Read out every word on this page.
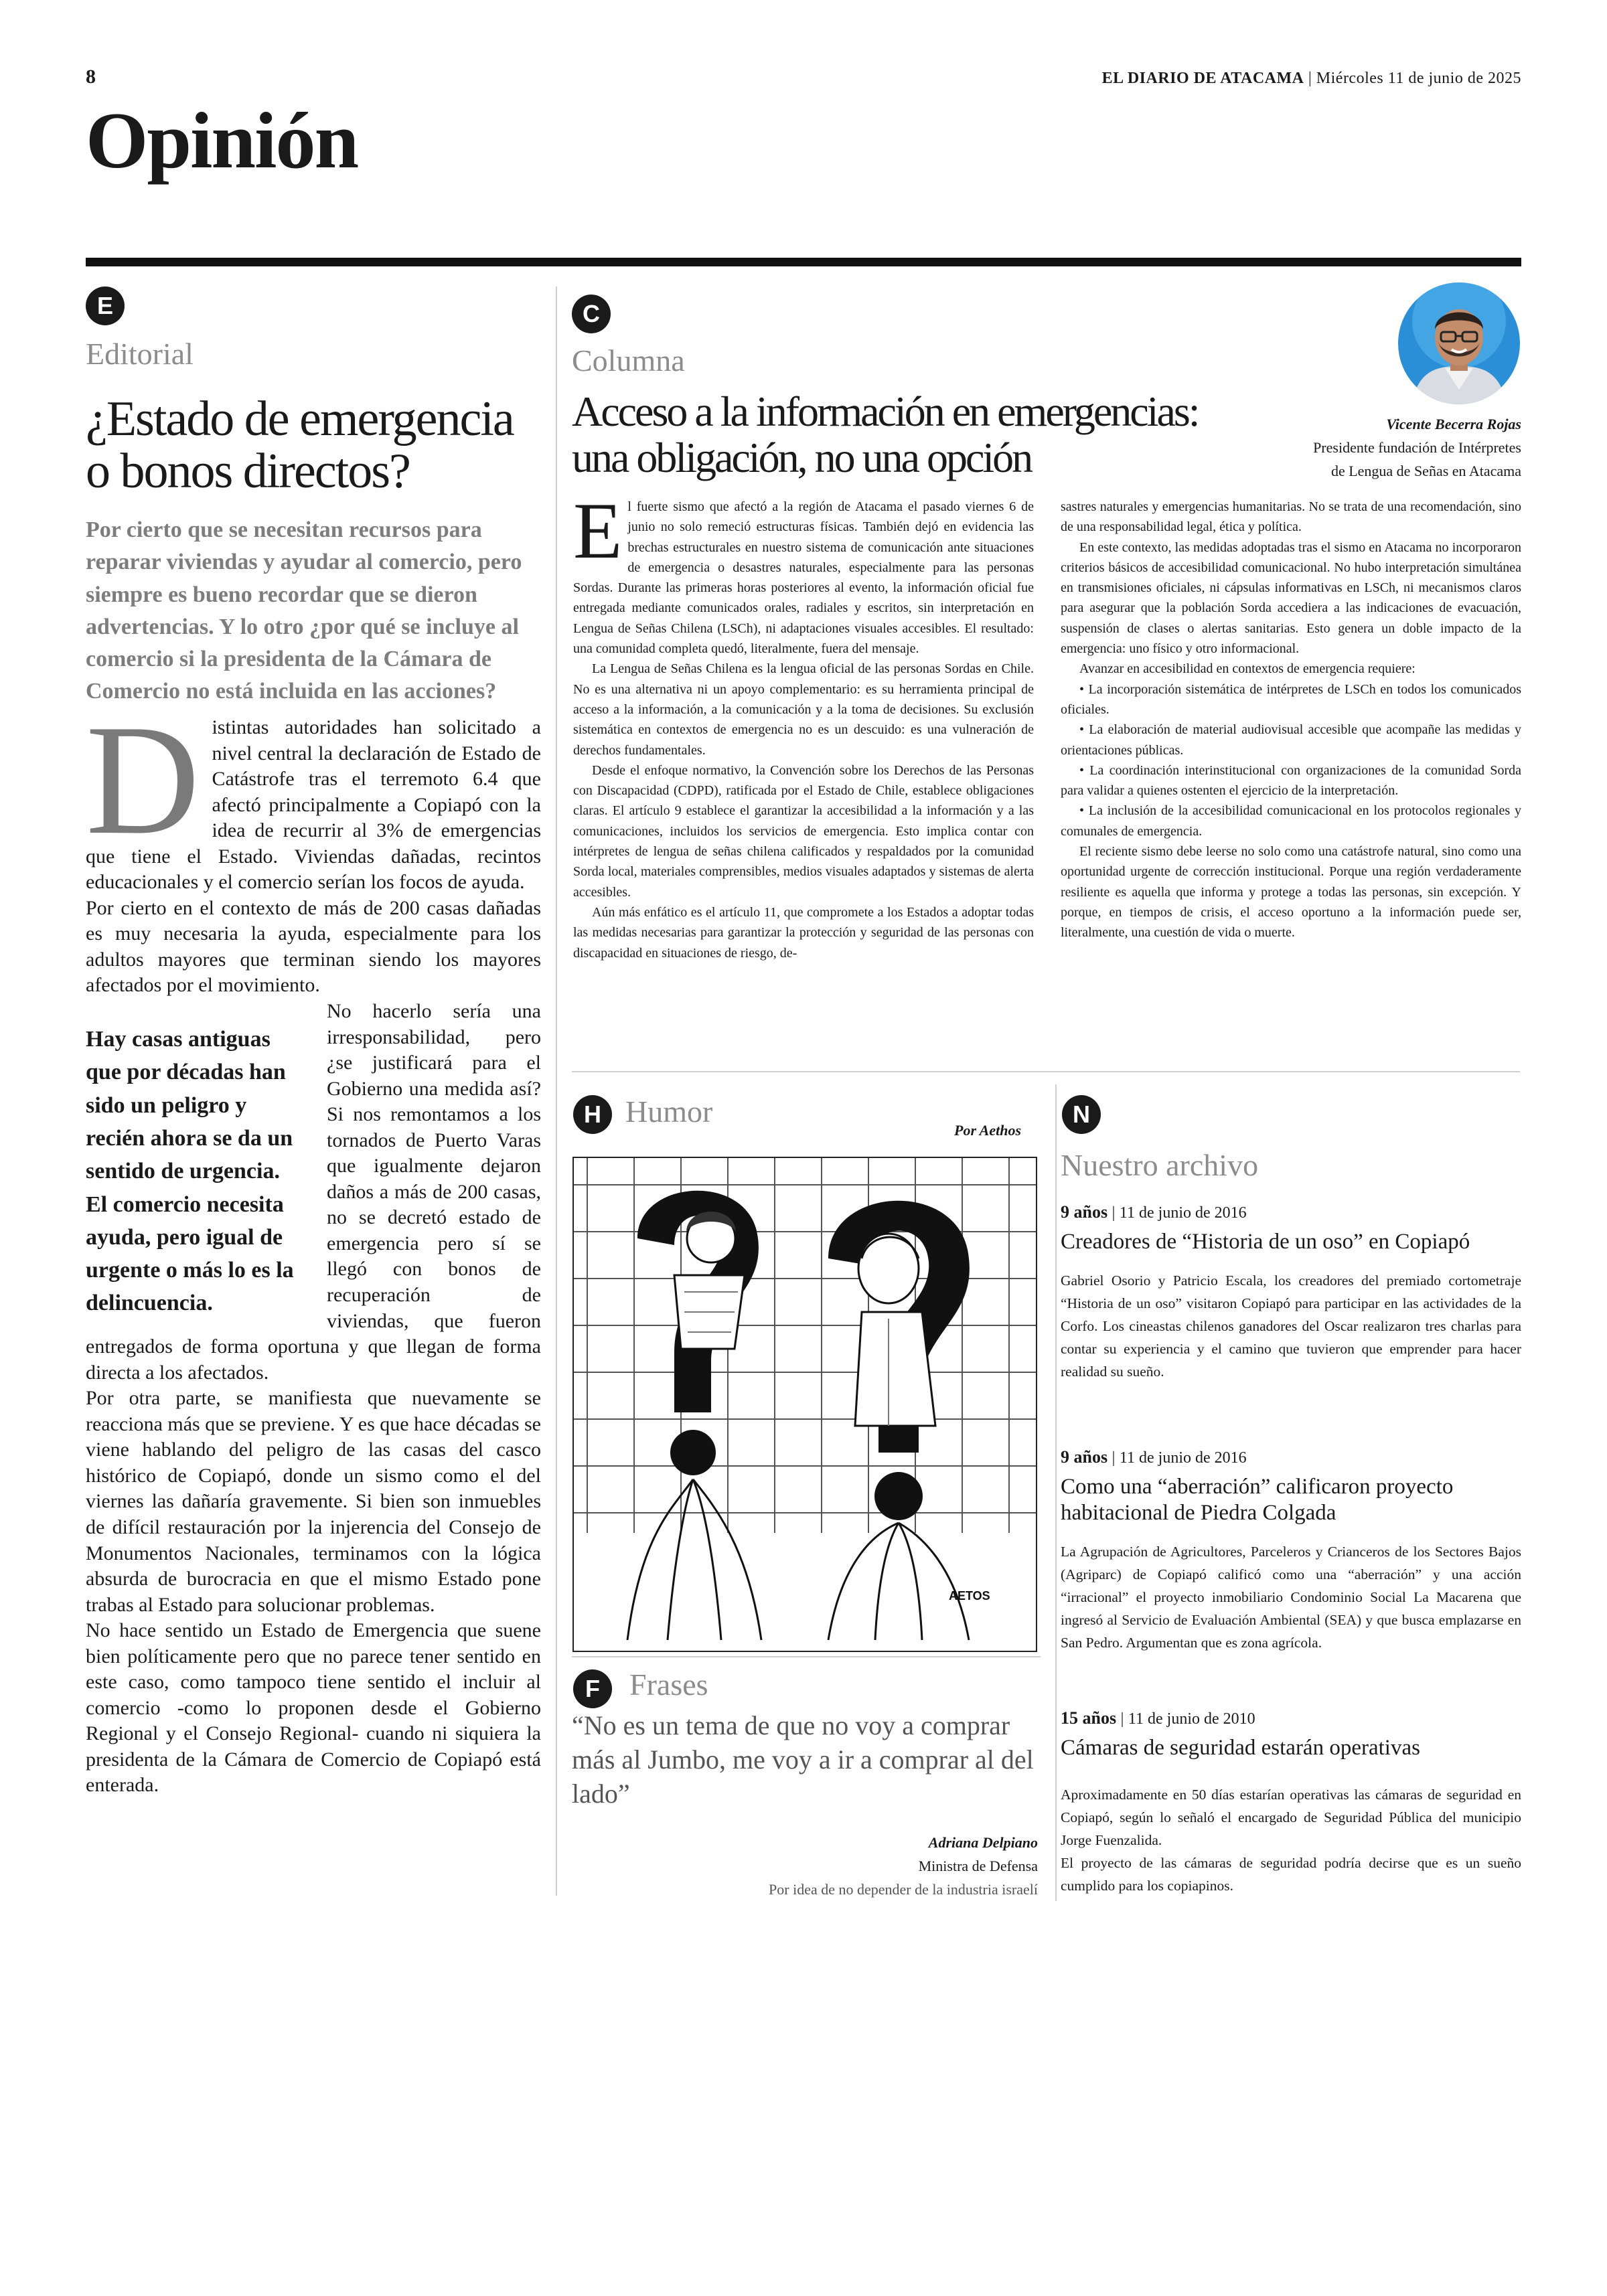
8	EL DIARIO DE ATACAMA | Miércoles 11 de junio de 2025
Opinión
E
Editorial
¿Estado de emergencia o bonos directos?
Por cierto que se necesitan recursos para reparar viviendas y ayudar al comercio, pero siempre es bueno recordar que se dieron advertencias. Y lo otro ¿por qué se incluye al comercio si la presidenta de la Cámara de Comercio no está incluida en las acciones?
D istintas autoridades han solicitado a nivel central la declaración de Estado de Catástrofe tras el terremoto 6.4 que afectó principalmente a Copiapó con la idea de recurrir al 3% de emergencias que tiene el Estado. Viviendas dañadas, recintos educacionales y el comercio serían los focos de ayuda.

Por cierto en el contexto de más de 200 casas dañadas es muy necesaria la ayuda, especialmente para los adultos mayores que terminan siendo los mayores afectados por el movimiento.

Hay casas antiguas que por décadas han sido un peligro y recién ahora se da un sentido de urgencia. El comercio necesita ayuda, pero igual de urgente o más lo es la delincuencia.

No hacerlo sería una irresponsabilidad, pero ¿se justificará para el Gobierno una medida así? Si nos remontamos a los tornados de Puerto Varas que igualmente dejaron daños a más de 200 casas, no se decretó estado de emergencia pero sí se llegó con bonos de recuperación de viviendas, que fueron entregados de forma oportuna y que llegan de forma directa a los afectados.

Por otra parte, se manifiesta que nuevamente se reacciona más que se previene. Y es que hace décadas se viene hablando del peligro de las casas del casco histórico de Copiapó, donde un sismo como el del viernes las dañaría gravemente. Si bien son inmuebles de difícil restauración por la injerencia del Consejo de Monumentos Nacionales, terminamos con la lógica absurda de burocracia en que el mismo Estado pone trabas al Estado para solucionar problemas.

No hace sentido un Estado de Emergencia que suene bien políticamente pero que no parece tener sentido en este caso, como tampoco tiene sentido el incluir al comercio -como lo proponen desde el Gobierno Regional y el Consejo Regional- cuando ni siquiera la presidenta de la Cámara de Comercio de Copiapó está enterada.

C
Columna
Acceso a la información en emergencias:
una obligación, no una opción
Vicente Becerra Rojas
Presidente fundación de Intérpretes
de Lengua de Señas en Atacama
E l fuerte sismo que afectó a la región de Atacama el pasado viernes 6 de junio no solo remeció estructuras físicas. También dejó en evidencia las brechas estructurales en nuestro sistema de comunicación ante situaciones de emergencia o desastres naturales, especialmente para las personas Sordas. Durante las primeras horas posteriores al evento, la información oficial fue entregada mediante comunicados orales, radiales y escritos, sin interpretación en Lengua de Señas Chilena (LSCh), ni adaptaciones visuales accesibles. El resultado: una comunidad completa quedó, literalmente, fuera del mensaje.

La Lengua de Señas Chilena es la lengua oficial de las personas Sordas en Chile. No es una alternativa ni un apoyo complementario: es su herramienta principal de acceso a la información, a la comunicación y a la toma de decisiones. Su exclusión sistemática en contextos de emergencia no es un descuido: es una vulneración de derechos fundamentales.

Desde el enfoque normativo, la Convención sobre los Derechos de las Personas con Discapacidad (CDPD), ratificada por el Estado de Chile, establece obligaciones claras. El artículo 9 establece el garantizar la accesibilidad a la información y a las comunicaciones, incluidos los servicios de emergencia. Esto implica contar con intérpretes de lengua de señas chilena calificados y respaldados por la comunidad Sorda local, materiales comprensibles, medios visuales adaptados y sistemas de alerta accesibles.

Aún más enfático es el artículo 11, que compromete a los Estados a adoptar todas las medidas necesarias para garantizar la protección y seguridad de las personas con discapacidad en situaciones de riesgo, de-

sastres naturales y emergencias humanitarias. No se trata de una recomendación, sino de una responsabilidad legal, ética y política.

En este contexto, las medidas adoptadas tras el sismo en Atacama no incorporaron criterios básicos de accesibilidad comunicacional. No hubo interpretación simultánea en transmisiones oficiales, ni cápsulas informativas en LSCh, ni mecanismos claros para asegurar que la población Sorda accediera a las indicaciones de evacuación, suspensión de clases o alertas sanitarias. Esto genera un doble impacto de la emergencia: uno físico y otro informacional.

Avanzar en accesibilidad en contextos de emergencia requiere:

• La incorporación sistemática de intérpretes de LSCh en todos los comunicados oficiales.

• La elaboración de material audiovisual accesible que acompañe las medidas y orientaciones públicas.

• La coordinación interinstitucional con organizaciones de la comunidad Sorda para validar a quienes ostenten el ejercicio de la interpretación.

• La inclusión de la accesibilidad comunicacional en los protocolos regionales y comunales de emergencia.

El reciente sismo debe leerse no solo como una catástrofe natural, sino como una oportunidad urgente de corrección institucional. Porque una región verdaderamente resiliente es aquella que informa y protege a todas las personas, sin excepción. Y porque, en tiempos de crisis, el acceso oportuno a la información puede ser, literalmente, una cuestión de vida o muerte.

H Humor
Por Aethos
AETOS
F Frases
“No es un tema de que no voy a comprar más al Jumbo, me voy a ir a comprar al del lado”
Adriana Delpiano
Ministra de Defensa
Por idea de no depender de la industria israelí
N
Nuestro archivo
9 años | 11 de junio de 2016
Creadores de “Historia de un oso” en Copiapó

Gabriel Osorio y Patricio Escala, los creadores del premiado cortometraje “Historia de un oso” visitaron Copiapó para participar en las actividades de la Corfo. Los cineastas chilenos ganadores del Oscar realizaron tres charlas para contar su experiencia y el camino que tuvieron que emprender para hacer realidad su sueño.

9 años | 11 de junio de 2016
Como una “aberración” calificaron proyecto habitacional de Piedra Colgada

La Agrupación de Agricultores, Parceleros y Crianceros de los Sectores Bajos (Agriparc) de Copiapó calificó como una “aberración” y una acción “irracional” el proyecto inmobiliario Condominio Social La Macarena que ingresó al Servicio de Evaluación Ambiental (SEA) y que busca emplazarse en San Pedro. Argumentan que es zona agrícola.

15 años | 11 de junio de 2010
Cámaras de seguridad estarán operativas

Aproximadamente en 50 días estarían operativas las cámaras de seguridad en Copiapó, según lo señaló el encargado de Seguridad Pública del municipio Jorge Fuenzalida.

El proyecto de las cámaras de seguridad podría decirse que es un sueño cumplido para los copiapinos.
